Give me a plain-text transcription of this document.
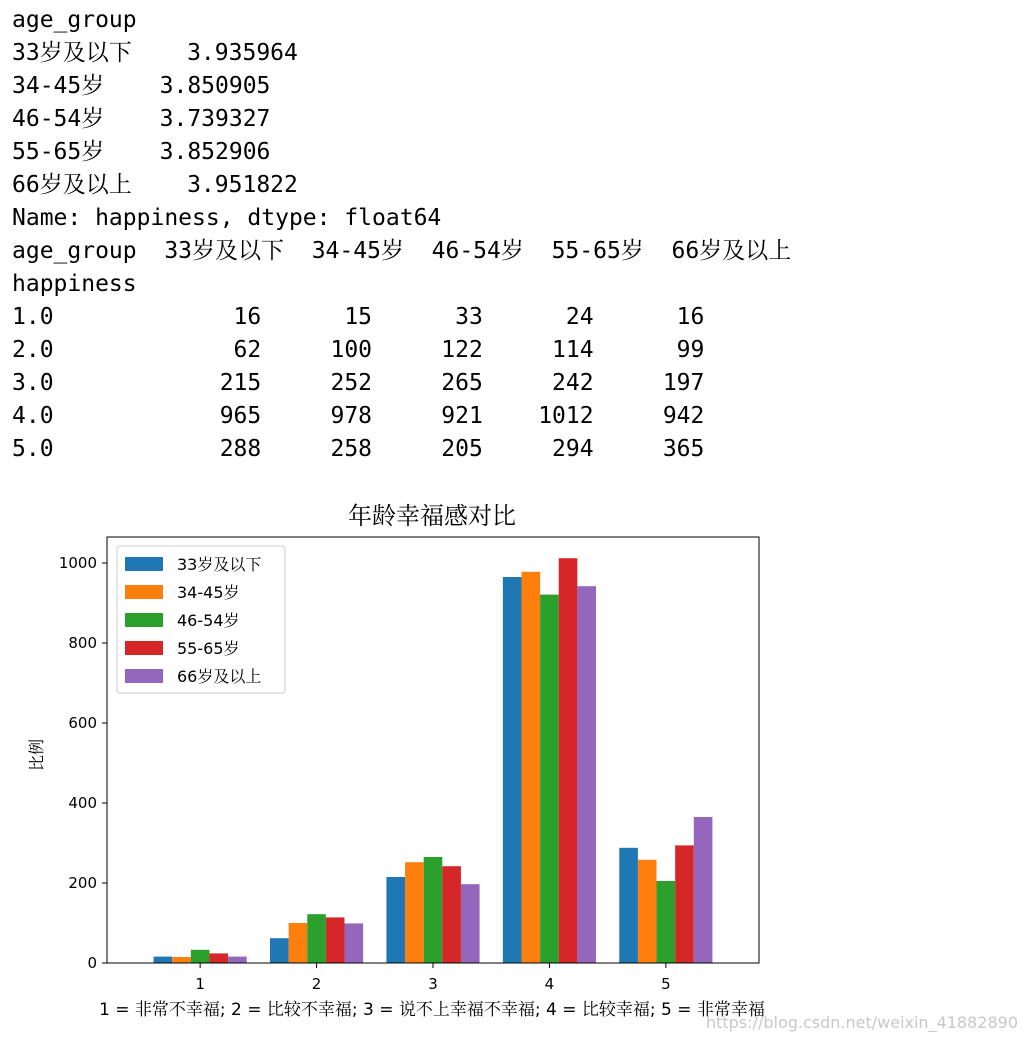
age_group
33岁及以下    3.935964
34-45岁    3.850905
46-54岁    3.739327
55-65岁    3.852906
66岁及以上    3.951822
Name: happiness, dtype: float64
age_group  33岁及以下  34-45岁  46-54岁  55-65岁  66岁及以上
happiness
1.0             16      15      33      24      16
2.0             62     100     122     114      99
3.0            215     252     265     242     197
4.0            965     978     921    1012     942
5.0            288     258     205     294     365
年龄幸福感对比
比例
1 = 非常不幸福; 2 = 比较不幸福; 3 = 说不上幸福不幸福; 4 = 比较幸福; 5 = 非常幸福
0
200
400
600
800
1000
1	2	3	4	5
33岁及以下
34-45岁
46-54岁
55-65岁
66岁及以上
https://blog.csdn.net/weixin_41882890
